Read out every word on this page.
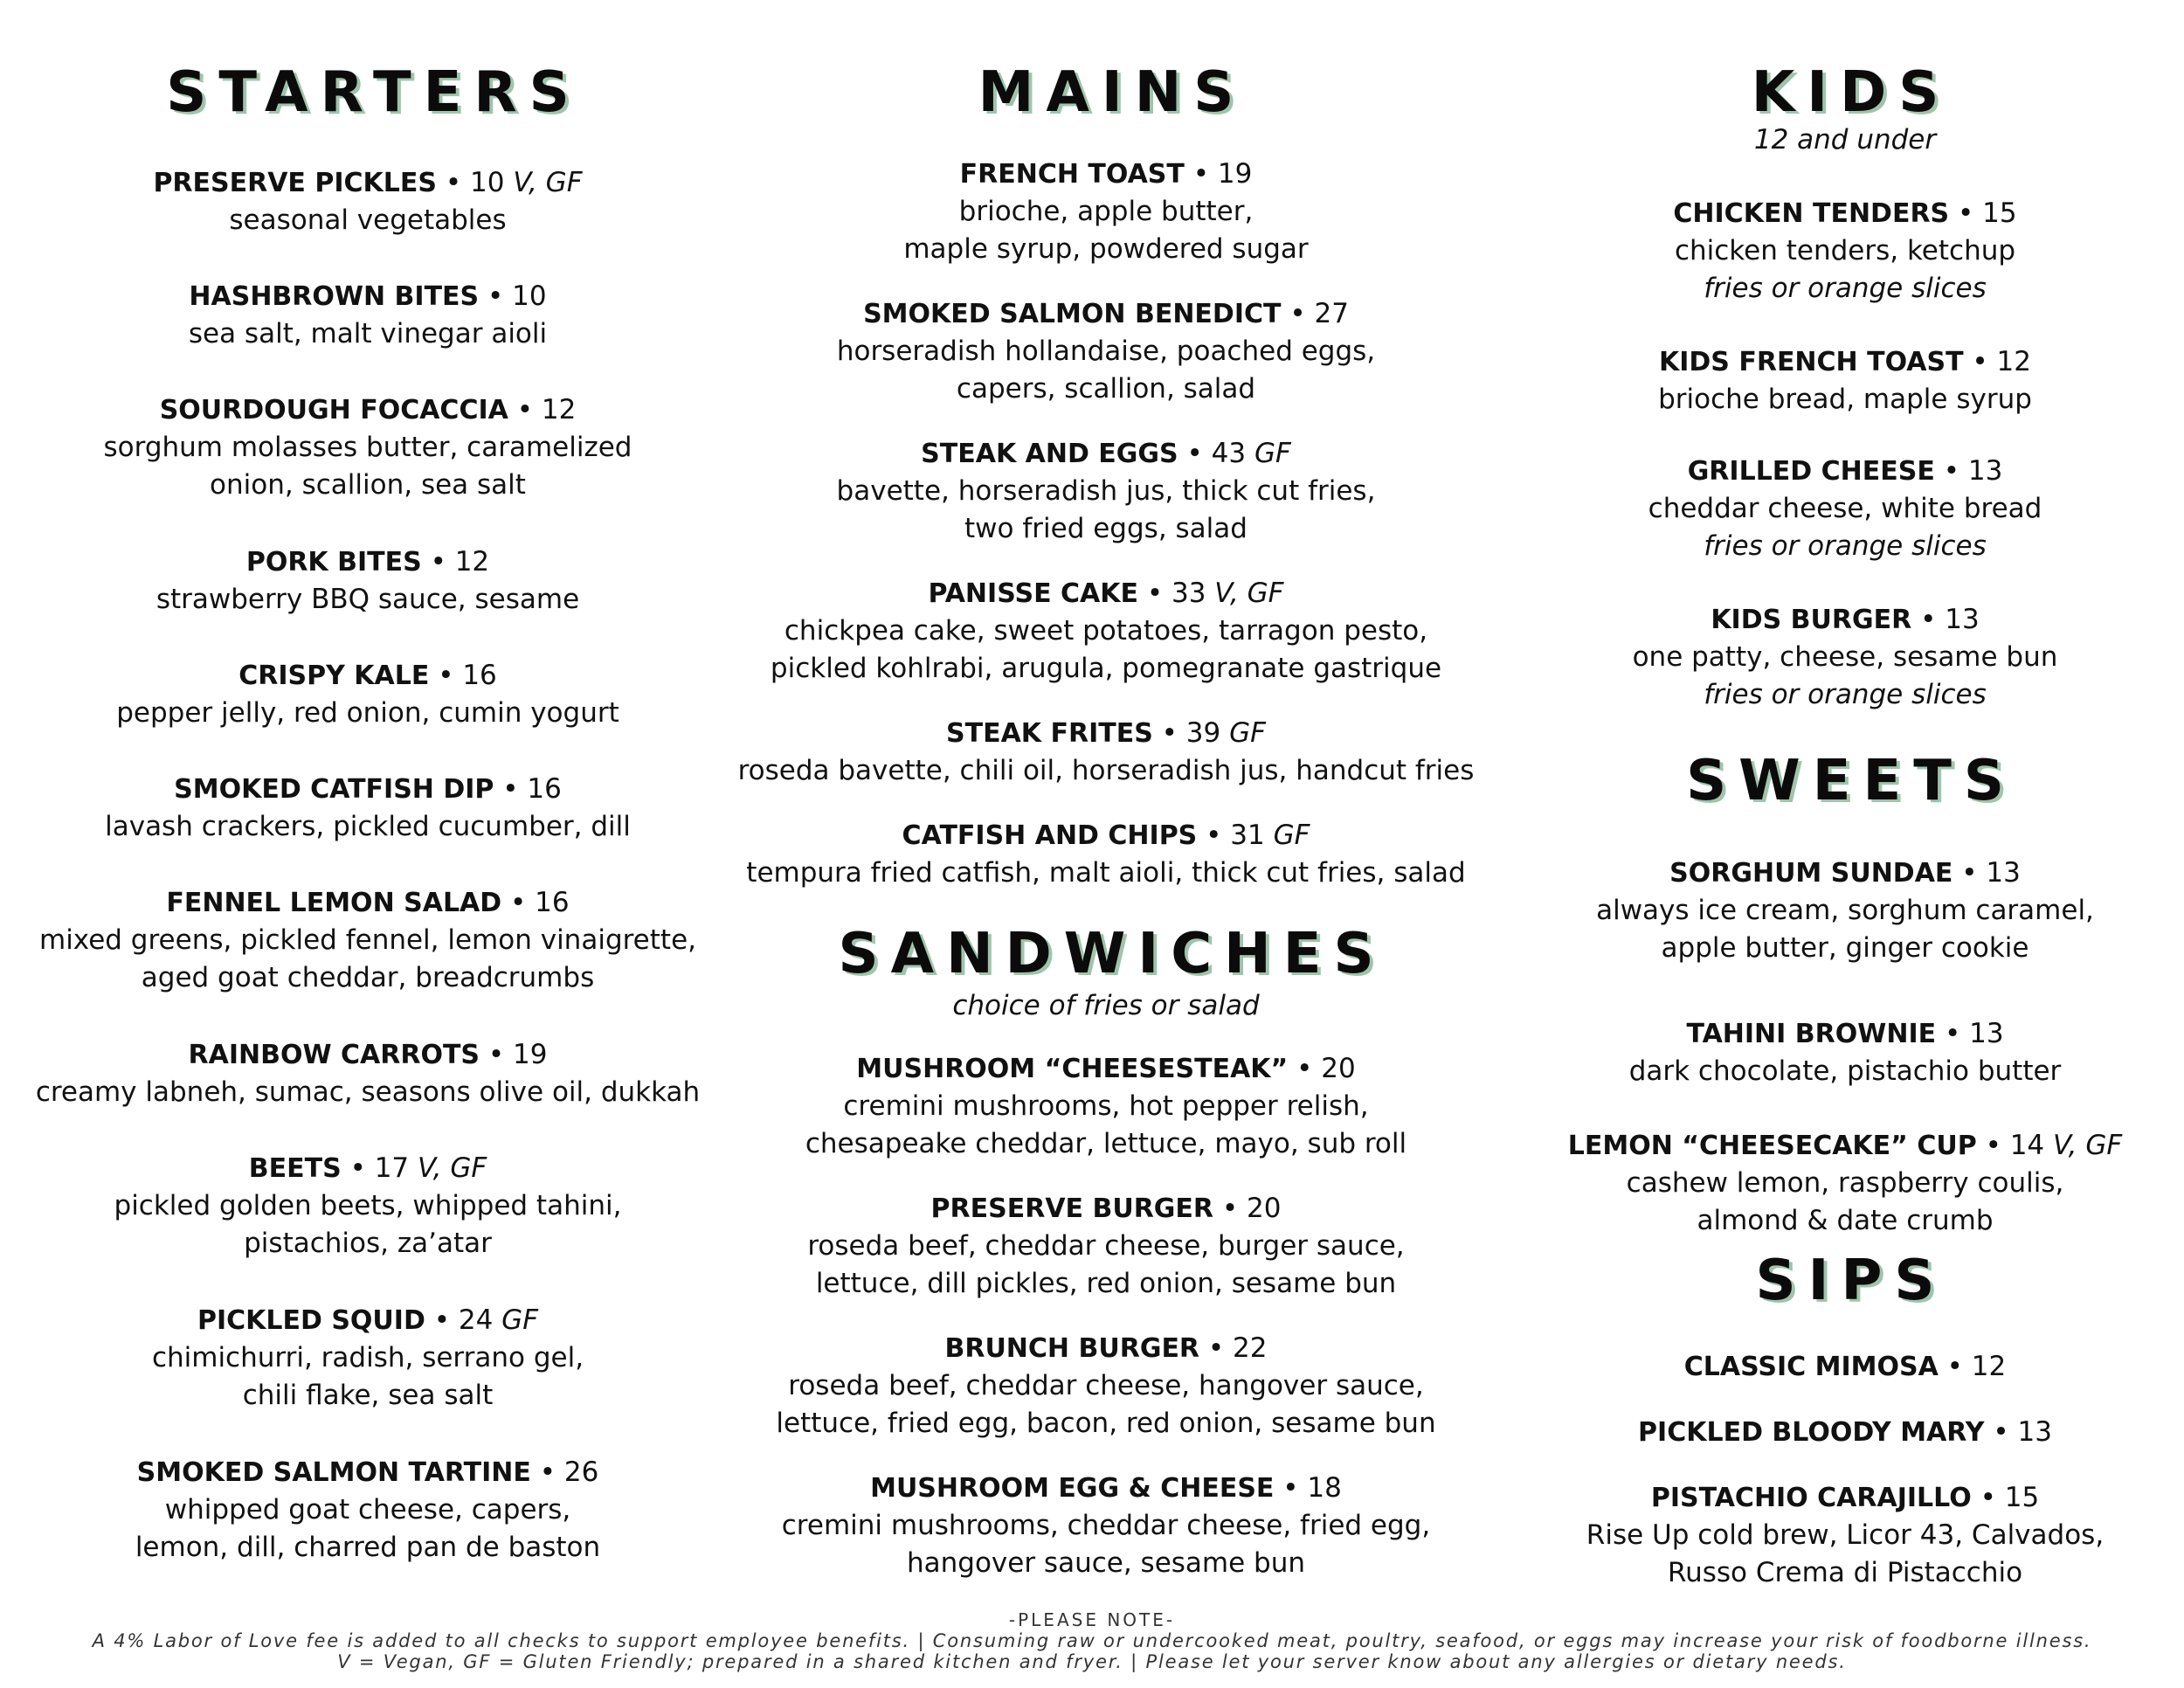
STARTERS
PRESERVE PICKLES • 10 V, GF
seasonal vegetables
HASHBROWN BITES • 10
sea salt, malt vinegar aioli
SOURDOUGH FOCACCIA • 12
sorghum molasses butter, caramelized
onion, scallion, sea salt
PORK BITES • 12
strawberry BBQ sauce, sesame
CRISPY KALE • 16
pepper jelly, red onion, cumin yogurt
SMOKED CATFISH DIP • 16
lavash crackers, pickled cucumber, dill
FENNEL LEMON SALAD • 16
mixed greens, pickled fennel, lemon vinaigrette,
aged goat cheddar, breadcrumbs
RAINBOW CARROTS • 19
creamy labneh, sumac, seasons olive oil, dukkah
BEETS • 17 V, GF
pickled golden beets, whipped tahini,
pistachios, za’atar
PICKLED SQUID • 24 GF
chimichurri, radish, serrano gel,
chili flake, sea salt
SMOKED SALMON TARTINE • 26
whipped goat cheese, capers,
lemon, dill, charred pan de baston
MAINS
FRENCH TOAST • 19
brioche, apple butter,
maple syrup, powdered sugar
SMOKED SALMON BENEDICT • 27
horseradish hollandaise, poached eggs,
capers, scallion, salad
STEAK AND EGGS • 43 GF
bavette, horseradish jus, thick cut fries,
two fried eggs, salad
PANISSE CAKE • 33 V, GF
chickpea cake, sweet potatoes, tarragon pesto,
pickled kohlrabi, arugula, pomegranate gastrique
STEAK FRITES • 39 GF
roseda bavette, chili oil, horseradish jus, handcut fries
CATFISH AND CHIPS • 31 GF
tempura fried catfish, malt aioli, thick cut fries, salad
SANDWICHES

choice of fries or salad

MUSHROOM “CHEESESTEAK” • 20
cremini mushrooms, hot pepper relish,
chesapeake cheddar, lettuce, mayo, sub roll
PRESERVE BURGER • 20
roseda beef, cheddar cheese, burger sauce,
lettuce, dill pickles, red onion, sesame bun
BRUNCH BURGER • 22
roseda beef, cheddar cheese, hangover sauce,
lettuce, fried egg, bacon, red onion, sesame bun
MUSHROOM EGG & CHEESE • 18
cremini mushrooms, cheddar cheese, fried egg,
hangover sauce, sesame bun
KIDS

12 and under

CHICKEN TENDERS • 15
chicken tenders, ketchup
fries or orange slices
KIDS FRENCH TOAST • 12
brioche bread, maple syrup
GRILLED CHEESE • 13
cheddar cheese, white bread
fries or orange slices
KIDS BURGER • 13
one patty, cheese, sesame bun
fries or orange slices
SWEETS
SORGHUM SUNDAE • 13
always ice cream, sorghum caramel,
apple butter, ginger cookie
TAHINI BROWNIE • 13
dark chocolate, pistachio butter
LEMON “CHEESECAKE” CUP • 14 V, GF
cashew lemon, raspberry coulis,
almond & date crumb
SIPS
CLASSIC MIMOSA • 12
PICKLED BLOODY MARY • 13
PISTACHIO CARAJILLO • 15
Rise Up cold brew, Licor 43, Calvados,
Russo Crema di Pistacchio
-PLEASE NOTE-
A 4% Labor of Love fee is added to all checks to support employee benefits. | Consuming raw or undercooked meat, poultry, seafood, or eggs may increase your risk of foodborne illness.
V = Vegan, GF = Gluten Friendly; prepared in a shared kitchen and fryer. | Please let your server know about any allergies or dietary needs.
